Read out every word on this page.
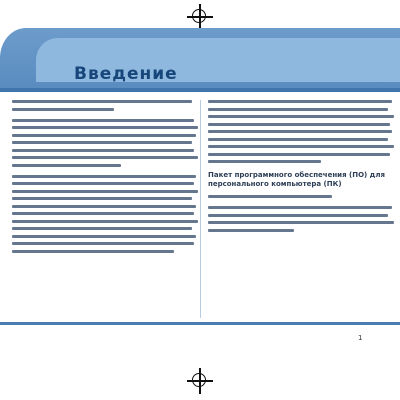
Введение
Пакет программного обеспечения (ПО) для персонального компьютера (ПК)
1
